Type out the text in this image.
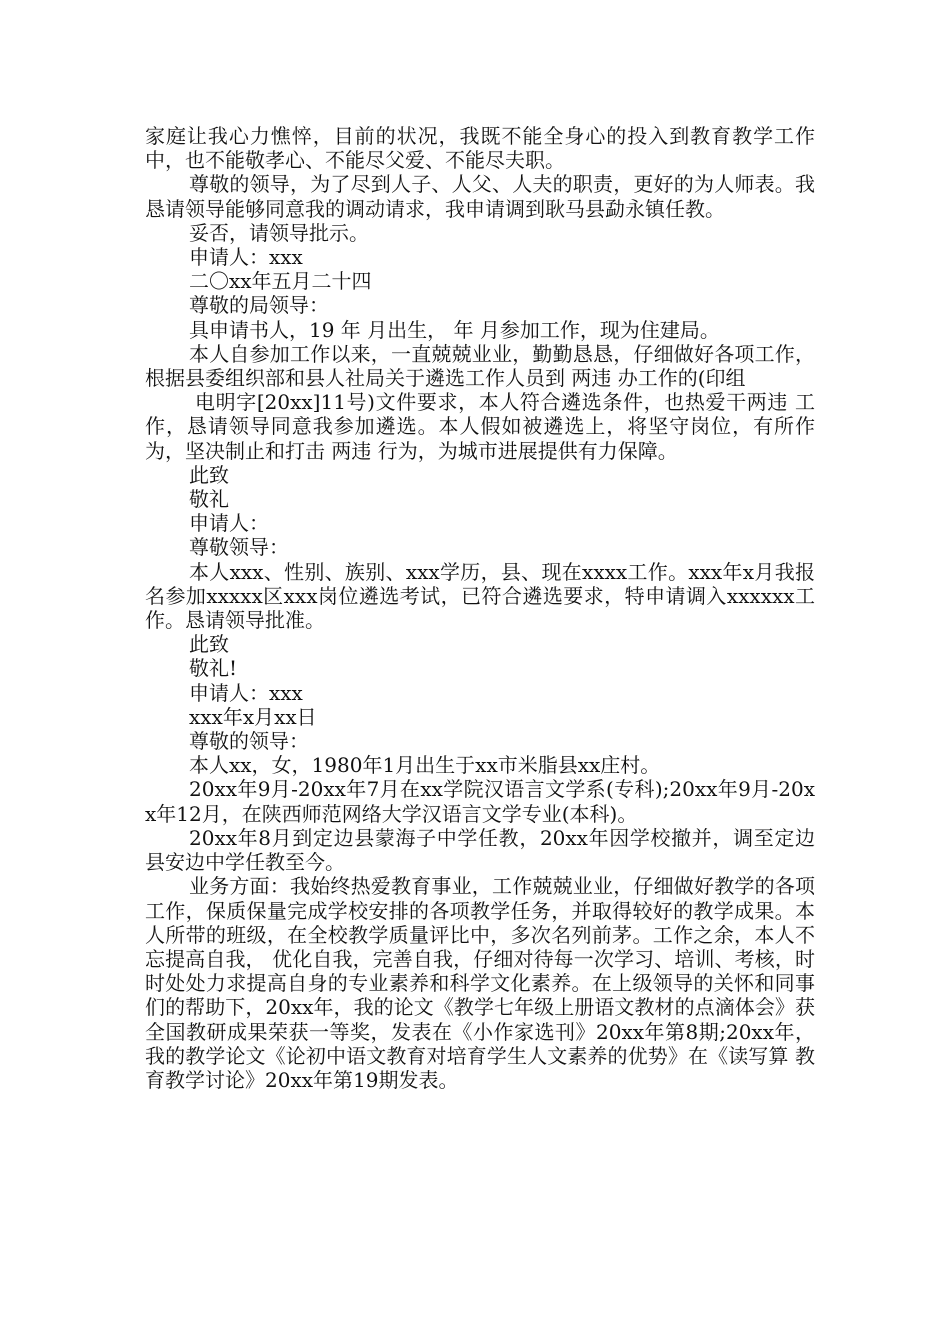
家庭让我心力憔悴，目前的状况，我既不能全身心的投入到教育教学工作中，也不能敬孝心、不能尽父爱、不能尽夫职。

尊敬的领导，为了尽到人子、人父、人夫的职责，更好的为人师表。我恳请领导能够同意我的调动请求，我申请调到耿马县勐永镇任教。

妥否，请领导批示。

申请人：xxx

二〇xx年五月二十四

尊敬的局领导：

具申请书人，19 年 月出生， 年 月参加工作，现为住建局。

本人自参加工作以来，一直兢兢业业，勤勤恳恳，仔细做好各项工作，根据县委组织部和县人社局关于遴选工作人员到 两违 办工作的(印组

电明字[20xx]11号)文件要求，本人符合遴选条件，也热爱干两违 工作，恳请领导同意我参加遴选。本人假如被遴选上，将坚守岗位，有所作为，坚决制止和打击 两违 行为，为城市进展提供有力保障。

此致

敬礼

申请人：

尊敬领导：

本人xxx、性别、族别、xxx学历，县、现在xxxx工作。xxx年x月我报名参加xxxxx区xxx岗位遴选考试，已符合遴选要求，特申请调入xxxxxx工作。恳请领导批准。

此致

敬礼!

申请人：xxx

xxx年x月xx日

尊敬的领导：

本人xx，女，1980年1月出生于xx市米脂县xx庄村。

20xx年9月-20xx年7月在xx学院汉语言文学系(专科);20xx年9月-20xx年12月，在陕西师范网络大学汉语言文学专业(本科)。

20xx年8月到定边县蒙海子中学任教，20xx年因学校撤并，调至定边县安边中学任教至今。

业务方面：我始终热爱教育事业，工作兢兢业业，仔细做好教学的各项工作，保质保量完成学校安排的各项教学任务，并取得较好的教学成果。本人所带的班级，在全校教学质量评比中，多次名列前茅。工作之余，本人不忘提高自我， 优化自我，完善自我，仔细对待每一次学习、培训、考核，时时处处力求提高自身的专业素养和科学文化素养。在上级领导的关怀和同事们的帮助下，20xx年，我的论文《教学七年级上册语文教材的点滴体会》获全国教研成果荣获一等奖，发表在《小作家选刊》20xx年第8期;20xx年，我的教学论文《论初中语文教育对培育学生人文素养的优势》在《读写算 教育教学讨论》20xx年第19期发表。
